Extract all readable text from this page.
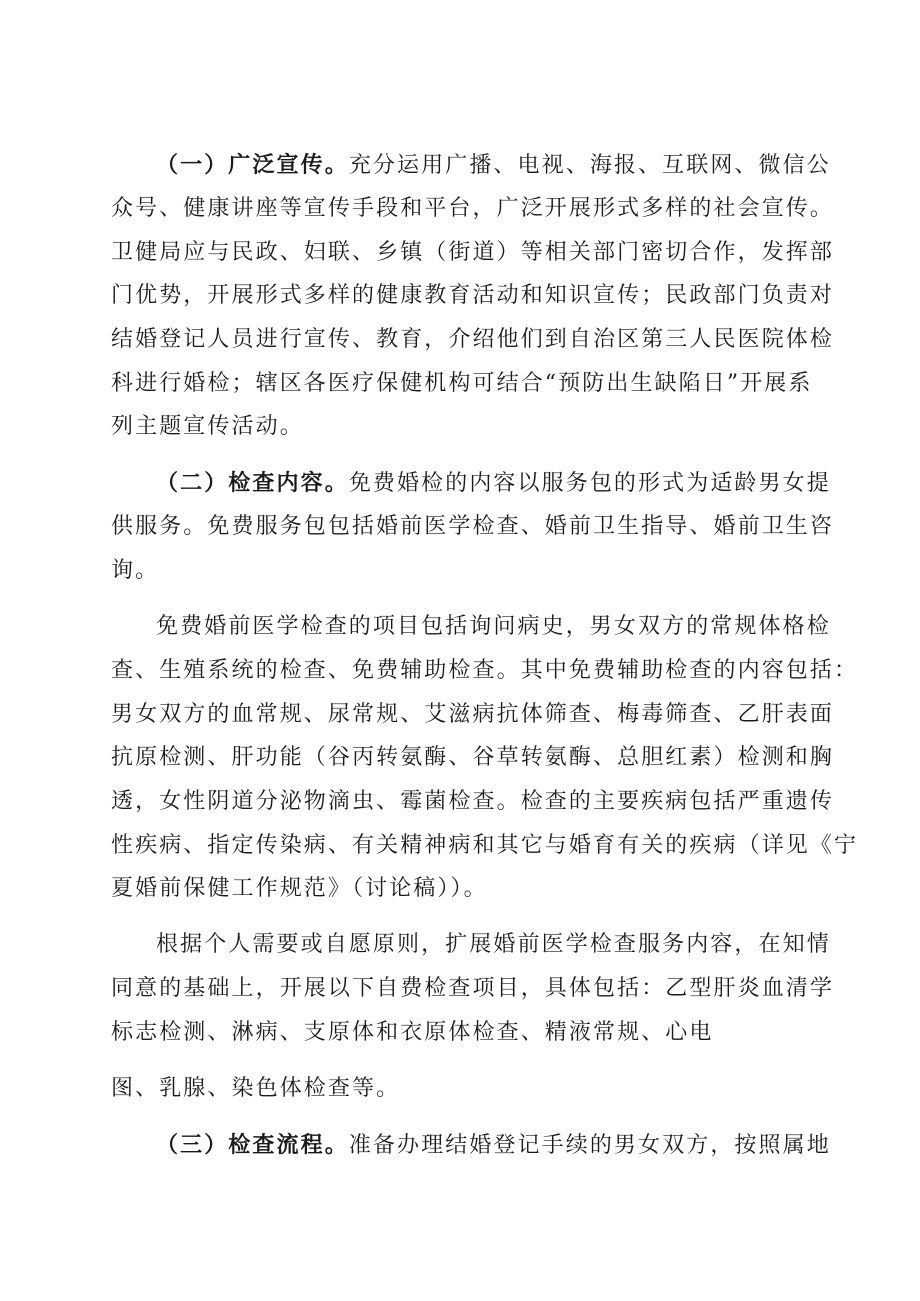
（一）广泛宣传。充分运用广播、电视、海报、互联网、微信公
众号、健康讲座等宣传手段和平台，广泛开展形式多样的社会宣传。
卫健局应与民政、妇联、乡镇（街道）等相关部门密切合作，发挥部
门优势，开展形式多样的健康教育活动和知识宣传；民政部门负责对
结婚登记人员进行宣传、教育，介绍他们到自治区第三人民医院体检
科进行婚检；辖区各医疗保健机构可结合“预防出生缺陷日”开展系
列主题宣传活动。
（二）检查内容。免费婚检的内容以服务包的形式为适龄男女提
供服务。免费服务包包括婚前医学检查、婚前卫生指导、婚前卫生咨
询。
免费婚前医学检查的项目包括询问病史，男女双方的常规体格检
查、生殖系统的检查、免费辅助检查。其中免费辅助检查的内容包括：
男女双方的血常规、尿常规、艾滋病抗体筛查、梅毒筛查、乙肝表面
抗原检测、肝功能（谷丙转氨酶、谷草转氨酶、总胆红素）检测和胸
透，女性阴道分泌物滴虫、霉菌检查。检查的主要疾病包括严重遗传
性疾病、指定传染病、有关精神病和其它与婚育有关的疾病（详见《宁
夏婚前保健工作规范》（讨论稿））。
根据个人需要或自愿原则，扩展婚前医学检查服务内容，在知情
同意的基础上，开展以下自费检查项目，具体包括：乙型肝炎血清学
标志检测、淋病、支原体和衣原体检查、精液常规、心电
图、乳腺、染色体检查等。
（三）检查流程。准备办理结婚登记手续的男女双方，按照属地
